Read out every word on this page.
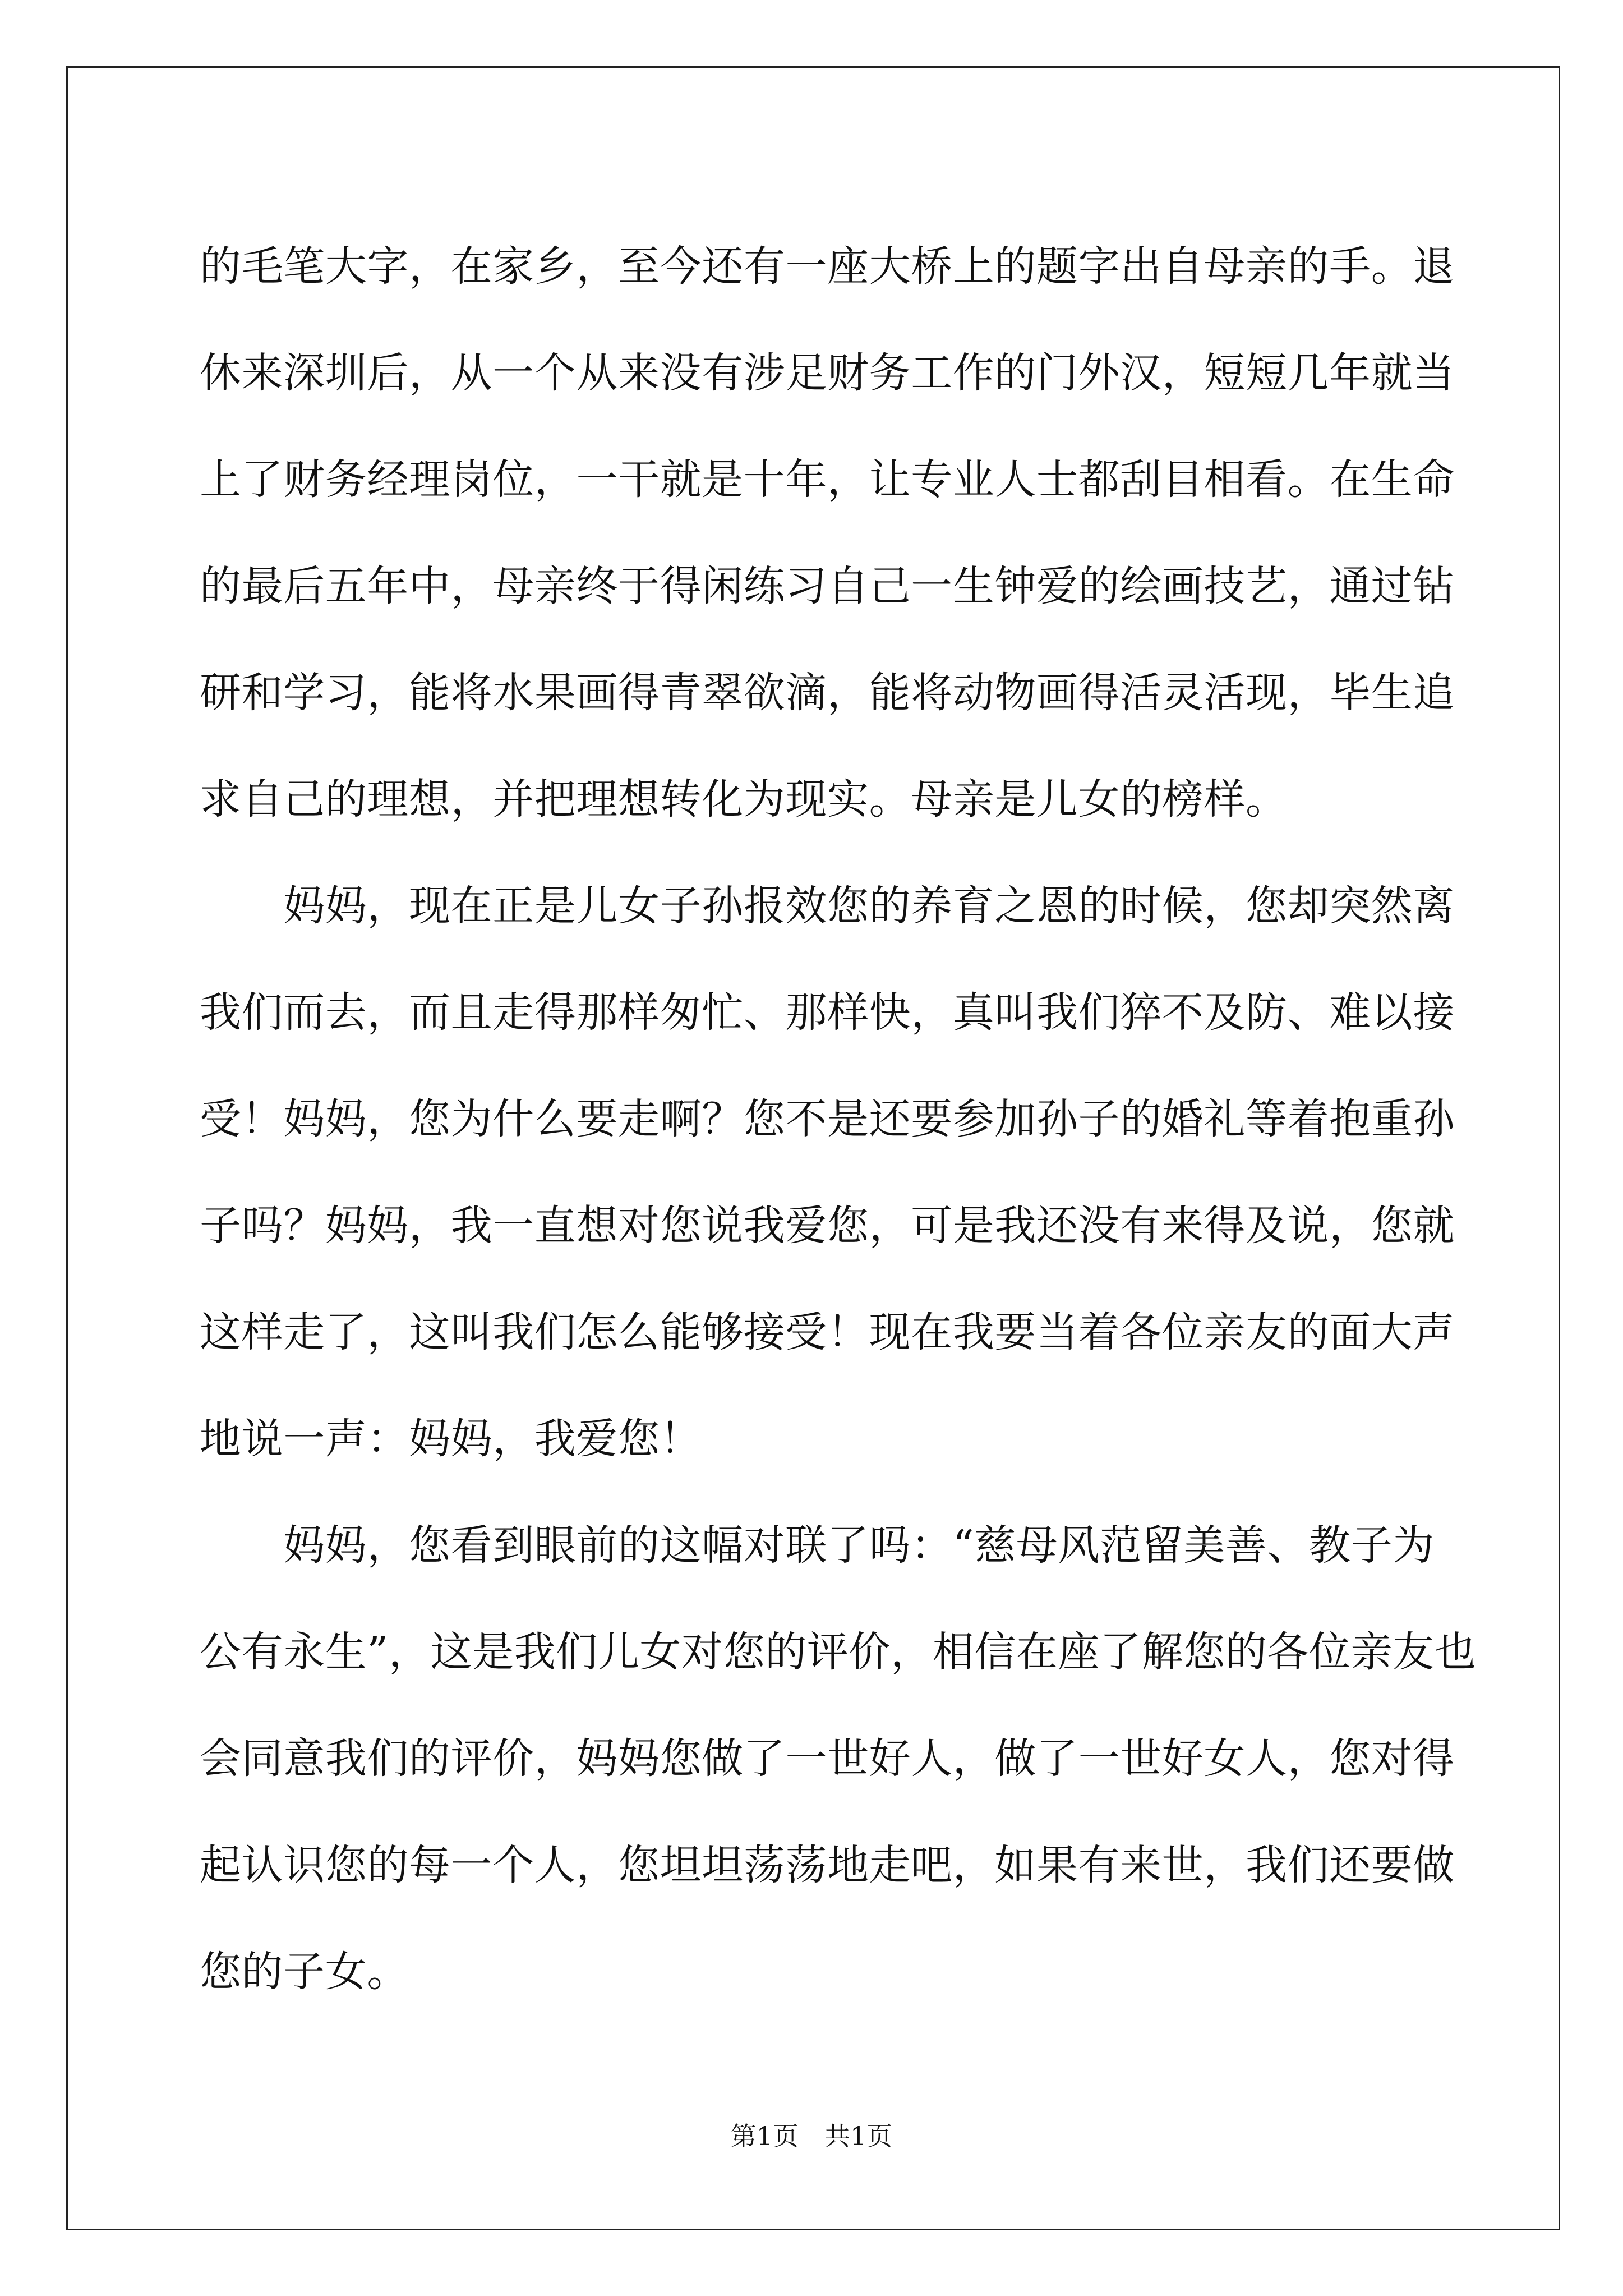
的毛笔大字，在家乡，至今还有一座大桥上的题字出自母亲的手。退
休来深圳后，从一个从来没有涉足财务工作的门外汉，短短几年就当
上了财务经理岗位，一干就是十年，让专业人士都刮目相看。在生命
的最后五年中，母亲终于得闲练习自己一生钟爱的绘画技艺，通过钻
研和学习，能将水果画得青翠欲滴，能将动物画得活灵活现，毕生追
求自己的理想，并把理想转化为现实。母亲是儿女的榜样。
　　妈妈，现在正是儿女子孙报效您的养育之恩的时候，您却突然离
我们而去，而且走得那样匆忙、那样快，真叫我们猝不及防、难以接
受！妈妈，您为什么要走啊？您不是还要参加孙子的婚礼等着抱重孙
子吗？妈妈，我一直想对您说我爱您，可是我还没有来得及说，您就
这样走了，这叫我们怎么能够接受！现在我要当着各位亲友的面大声
地说一声：妈妈，我爱您！
　　妈妈，您看到眼前的这幅对联了吗：“慈母风范留美善、教子为
公有永生”，这是我们儿女对您的评价，相信在座了解您的各位亲友也
会同意我们的评价，妈妈您做了一世好人，做了一世好女人，您对得
起认识您的每一个人，您坦坦荡荡地走吧，如果有来世，我们还要做
您的子女。
第1页　共1页
